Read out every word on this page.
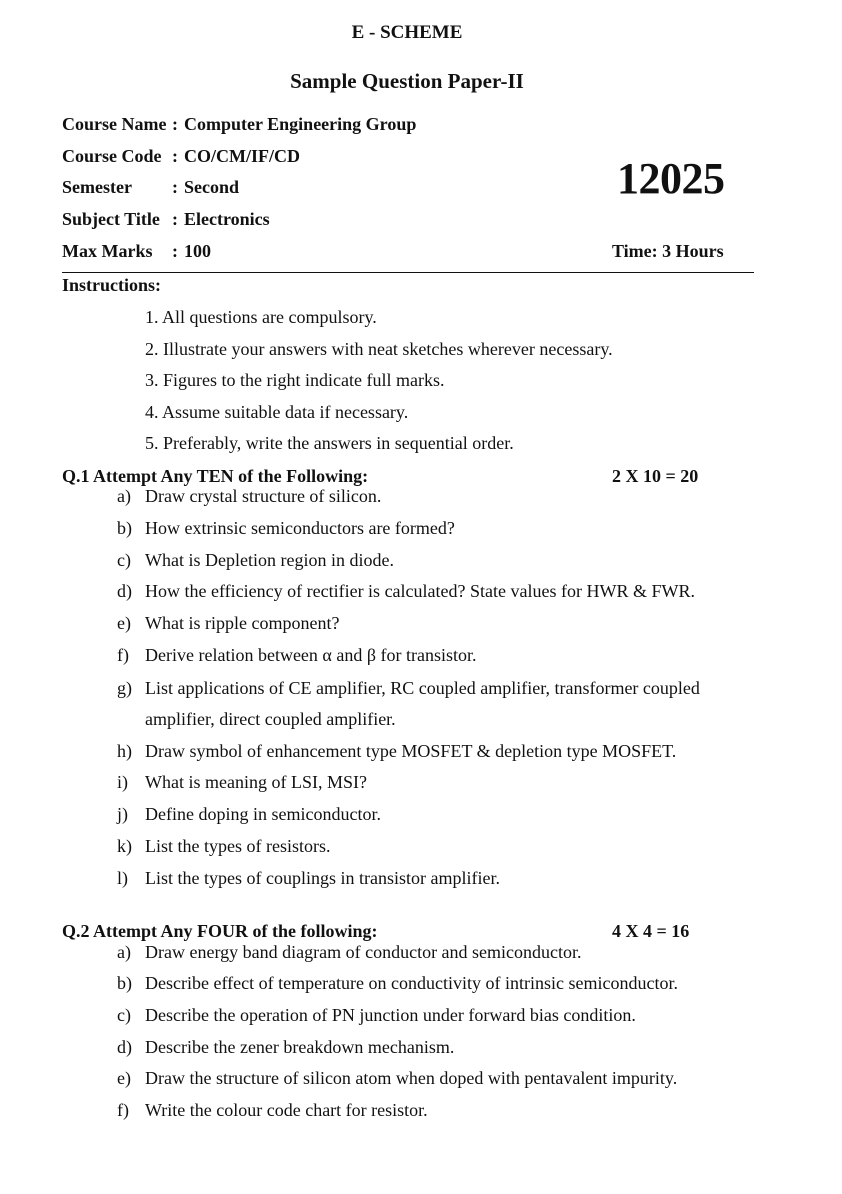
E - SCHEME
Sample Question Paper-II
Course Name : Computer Engineering Group
Course Code : CO/CM/IF/CD
Semester : Second
Subject Title : Electronics
Max Marks : 100
12025
Time: 3 Hours
Instructions:
1. All questions are compulsory.
2. Illustrate your answers with neat sketches wherever necessary.
3. Figures to the right indicate full marks.
4. Assume suitable data if necessary.
5. Preferably, write the answers in sequential order.
Q.1 Attempt Any TEN of the Following:	2 X 10 = 20
a) Draw crystal structure of silicon.
b) How extrinsic semiconductors are formed?
c) What is Depletion region in diode.
d) How the efficiency of rectifier is calculated? State values for HWR & FWR.
e) What is ripple component?
f) Derive relation between α and β for transistor.
g) List applications of CE amplifier, RC coupled amplifier, transformer coupled
amplifier, direct coupled amplifier.
h) Draw symbol of enhancement type MOSFET & depletion type MOSFET.
i) What is meaning of LSI, MSI?
j) Define doping in semiconductor.
k) List the types of resistors.
l) List the types of couplings in transistor amplifier.
Q.2 Attempt Any FOUR of the following:	4 X 4 = 16
a) Draw energy band diagram of conductor and semiconductor.
b) Describe effect of temperature on conductivity of intrinsic semiconductor.
c) Describe the operation of PN junction under forward bias condition.
d) Describe the zener breakdown mechanism.
e) Draw the structure of silicon atom when doped with pentavalent impurity.
f) Write the colour code chart for resistor.
